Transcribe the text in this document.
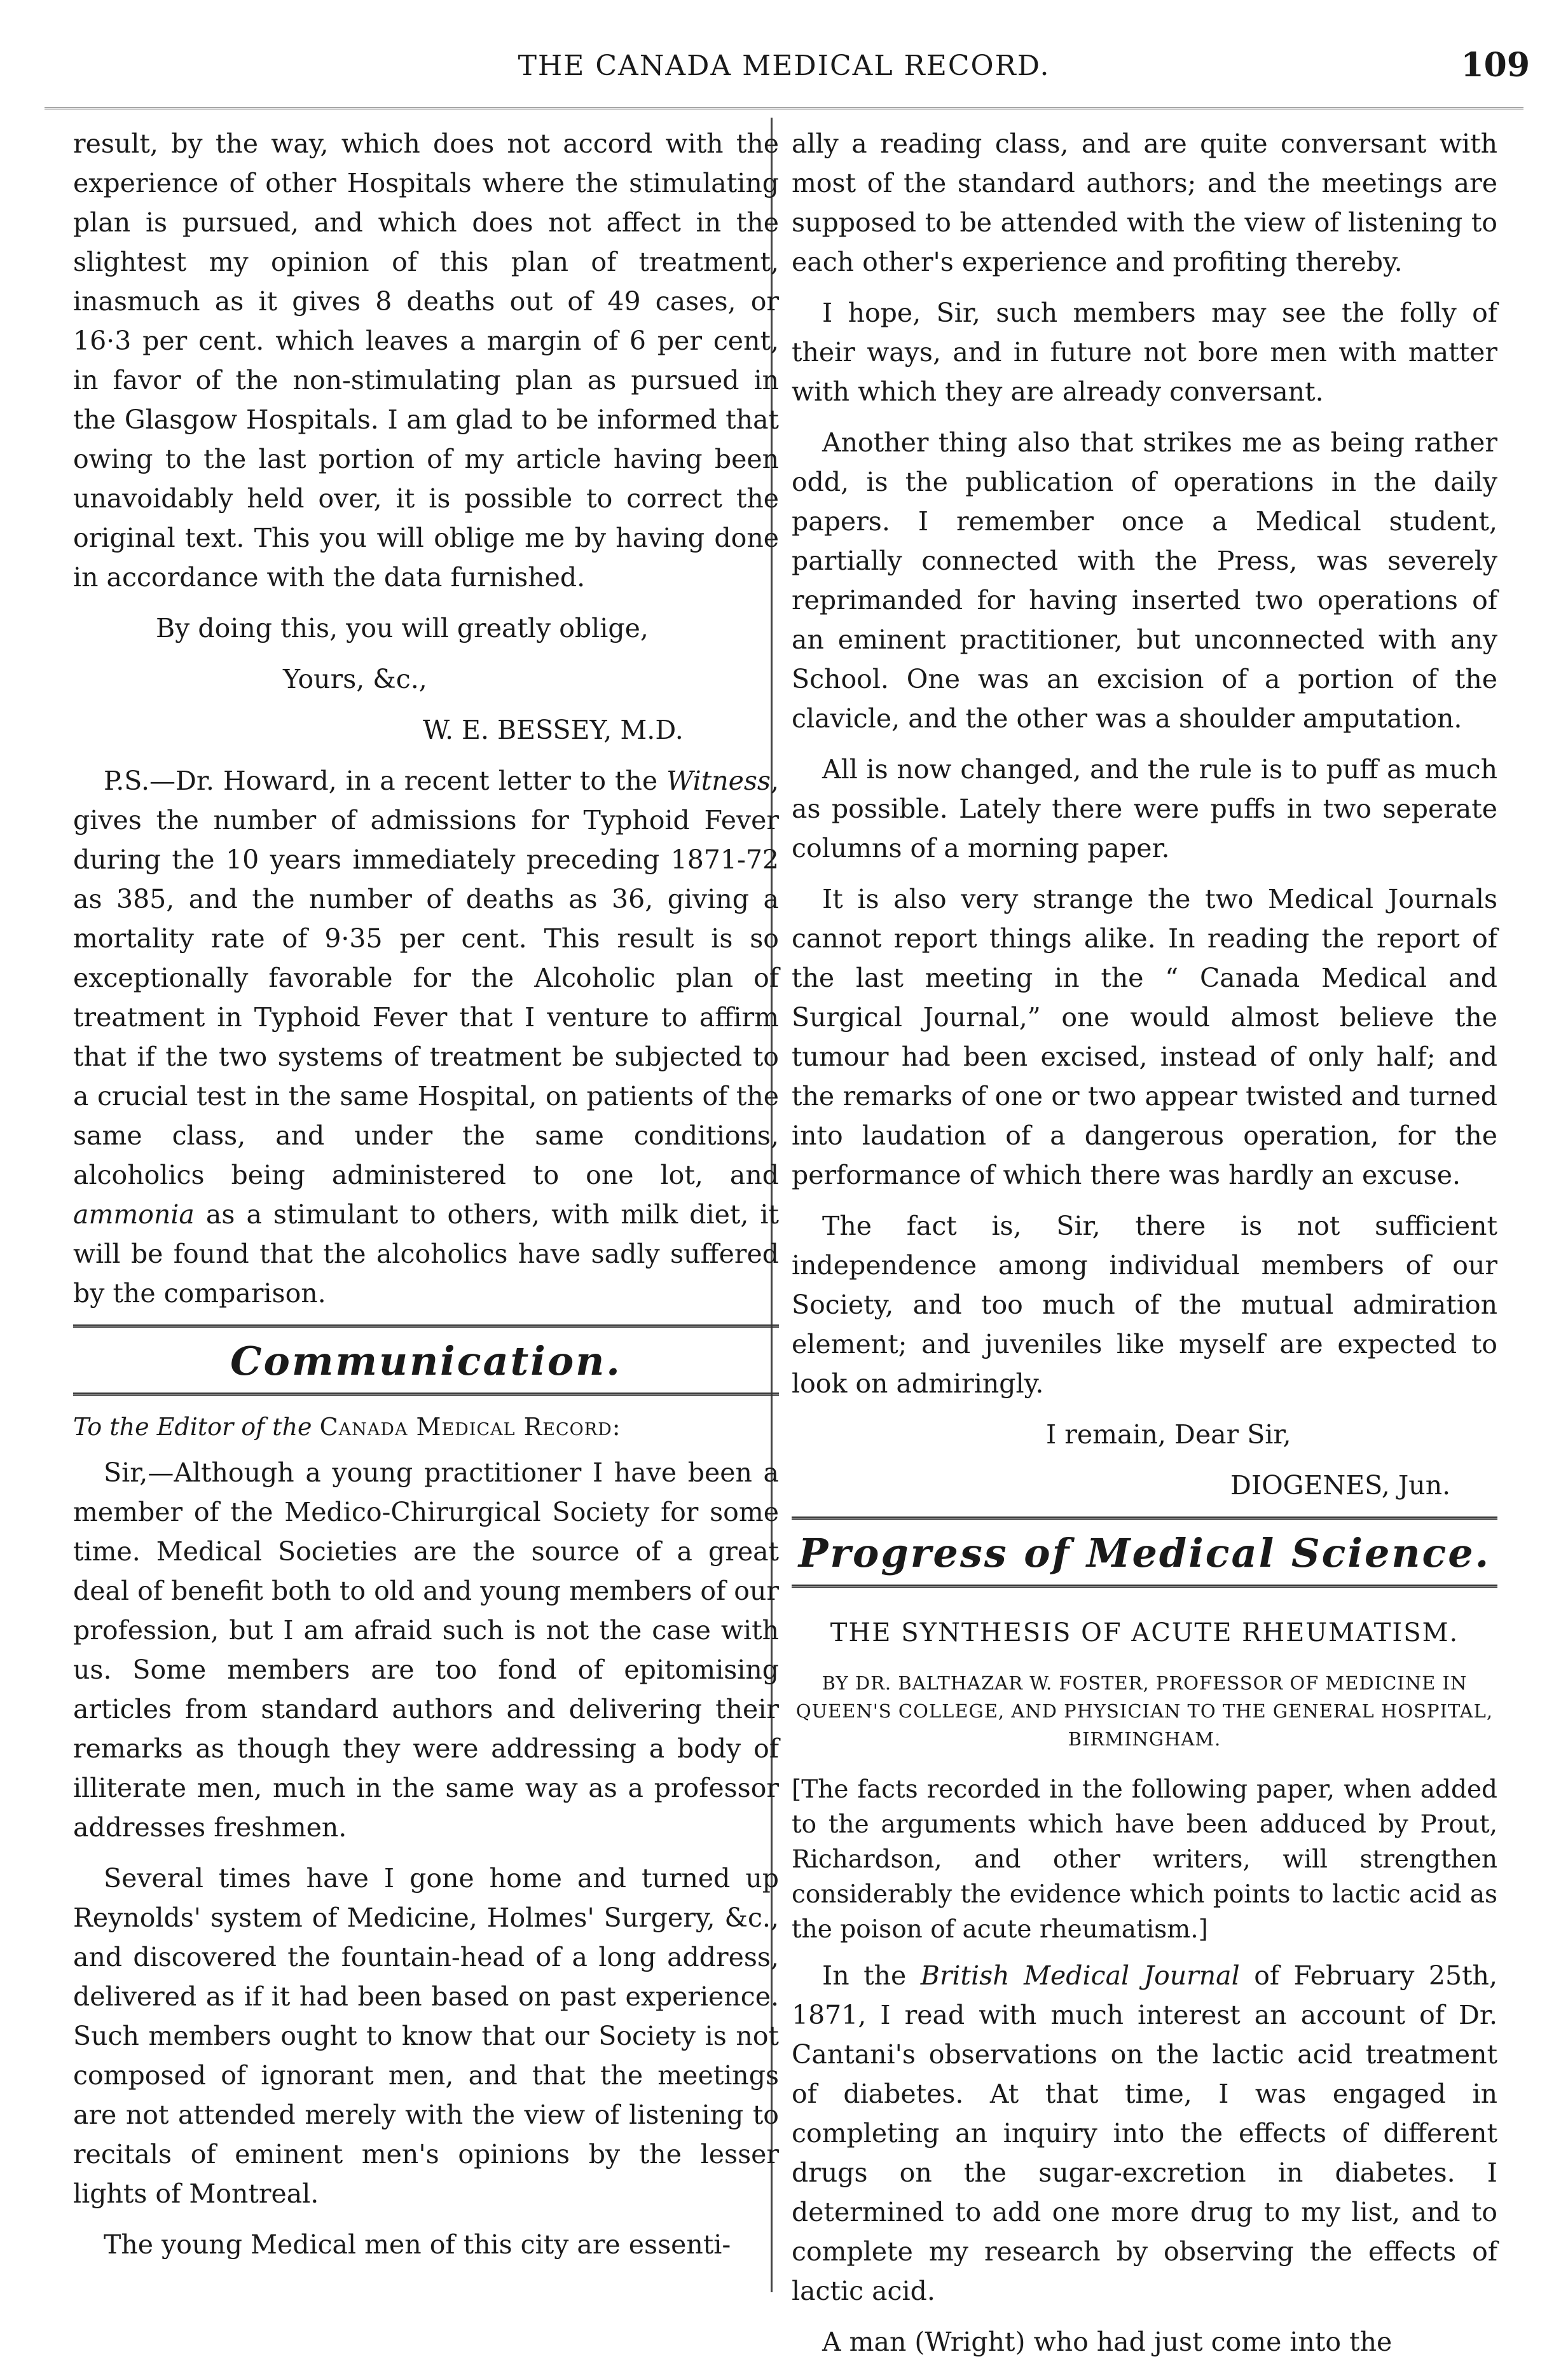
THE CANADA MEDICAL RECORD.	109

result, by the way, which does not accord with the experience of other Hospitals where the stimulating plan is pursued, and which does not affect in the slightest my opinion of this plan of treatment, inasmuch as it gives 8 deaths out of 49 cases, or 16·3 per cent. which leaves a margin of 6 per cent, in favor of the non-stimulating plan as pursued in the Glasgow Hospitals. I am glad to be informed that owing to the last portion of my article having been unavoidably held over, it is possible to correct the original text. This you will oblige me by having done in accordance with the data furnished.

By doing this, you will greatly oblige,

Yours, &c.,

W. E. BESSEY, M.D.

P.S.—Dr. Howard, in a recent letter to the Witness, gives the number of admissions for Typhoid Fever during the 10 years immediately preceding 1871-72 as 385, and the number of deaths as 36, giving a mortality rate of 9·35 per cent. This result is so exceptionally favorable for the Alcoholic plan of treatment in Typhoid Fever that I venture to affirm that if the two systems of treatment be subjected to a crucial test in the same Hospital, on patients of the same class, and under the same conditions, alcoholics being administered to one lot, and ammonia as a stimulant to others, with milk diet, it will be found that the alcoholics have sadly suffered by the comparison.

Communication.

To the Editor of the Canada Medical Record:

Sir,—Although a young practitioner I have been a member of the Medico-Chirurgical Society for some time. Medical Societies are the source of a great deal of benefit both to old and young members of our profession, but I am afraid such is not the case with us. Some members are too fond of epitomising articles from standard authors and delivering their remarks as though they were addressing a body of illiterate men, much in the same way as a professor addresses freshmen.

Several times have I gone home and turned up Reynolds' system of Medicine, Holmes' Surgery, &c., and discovered the fountain-head of a long address, delivered as if it had been based on past experience. Such members ought to know that our Society is not composed of ignorant men, and that the meetings are not attended merely with the view of listening to recitals of eminent men's opinions by the lesser lights of Montreal.

The young Medical men of this city are essenti-

ally a reading class, and are quite conversant with most of the standard authors; and the meetings are supposed to be attended with the view of listening to each other's experience and profiting thereby.

I hope, Sir, such members may see the folly of their ways, and in future not bore men with matter with which they are already conversant.

Another thing also that strikes me as being rather odd, is the publication of operations in the daily papers. I remember once a Medical student, partially connected with the Press, was severely reprimanded for having inserted two operations of an eminent practitioner, but unconnected with any School. One was an excision of a portion of the clavicle, and the other was a shoulder amputation.

All is now changed, and the rule is to puff as much as possible. Lately there were puffs in two seperate columns of a morning paper.

It is also very strange the two Medical Journals cannot report things alike. In reading the report of the last meeting in the “ Canada Medical and Surgical Journal,” one would almost believe the tumour had been excised, instead of only half; and the remarks of one or two appear twisted and turned into laudation of a dangerous operation, for the performance of which there was hardly an excuse.

The fact is, Sir, there is not sufficient independence among individual members of our Society, and too much of the mutual admiration element; and juveniles like myself are expected to look on admiringly.

I remain, Dear Sir,

DIOGENES, Jun.

Progress of Medical Science.
THE SYNTHESIS OF ACUTE RHEUMATISM.
BY DR. BALTHAZAR W. FOSTER, PROFESSOR OF MEDICINE IN QUEEN'S COLLEGE, AND PHYSICIAN TO THE GENERAL HOSPITAL, BIRMINGHAM.

[The facts recorded in the following paper, when added to the arguments which have been adduced by Prout, Richardson, and other writers, will strengthen considerably the evidence which points to lactic acid as the poison of acute rheumatism.]

In the British Medical Journal of February 25th, 1871, I read with much interest an account of Dr. Cantani's observations on the lactic acid treatment of diabetes. At that time, I was engaged in completing an inquiry into the effects of different drugs on the sugar-excretion in diabetes. I determined to add one more drug to my list, and to complete my research by observing the effects of lactic acid.

A man (Wright) who had just come into the
